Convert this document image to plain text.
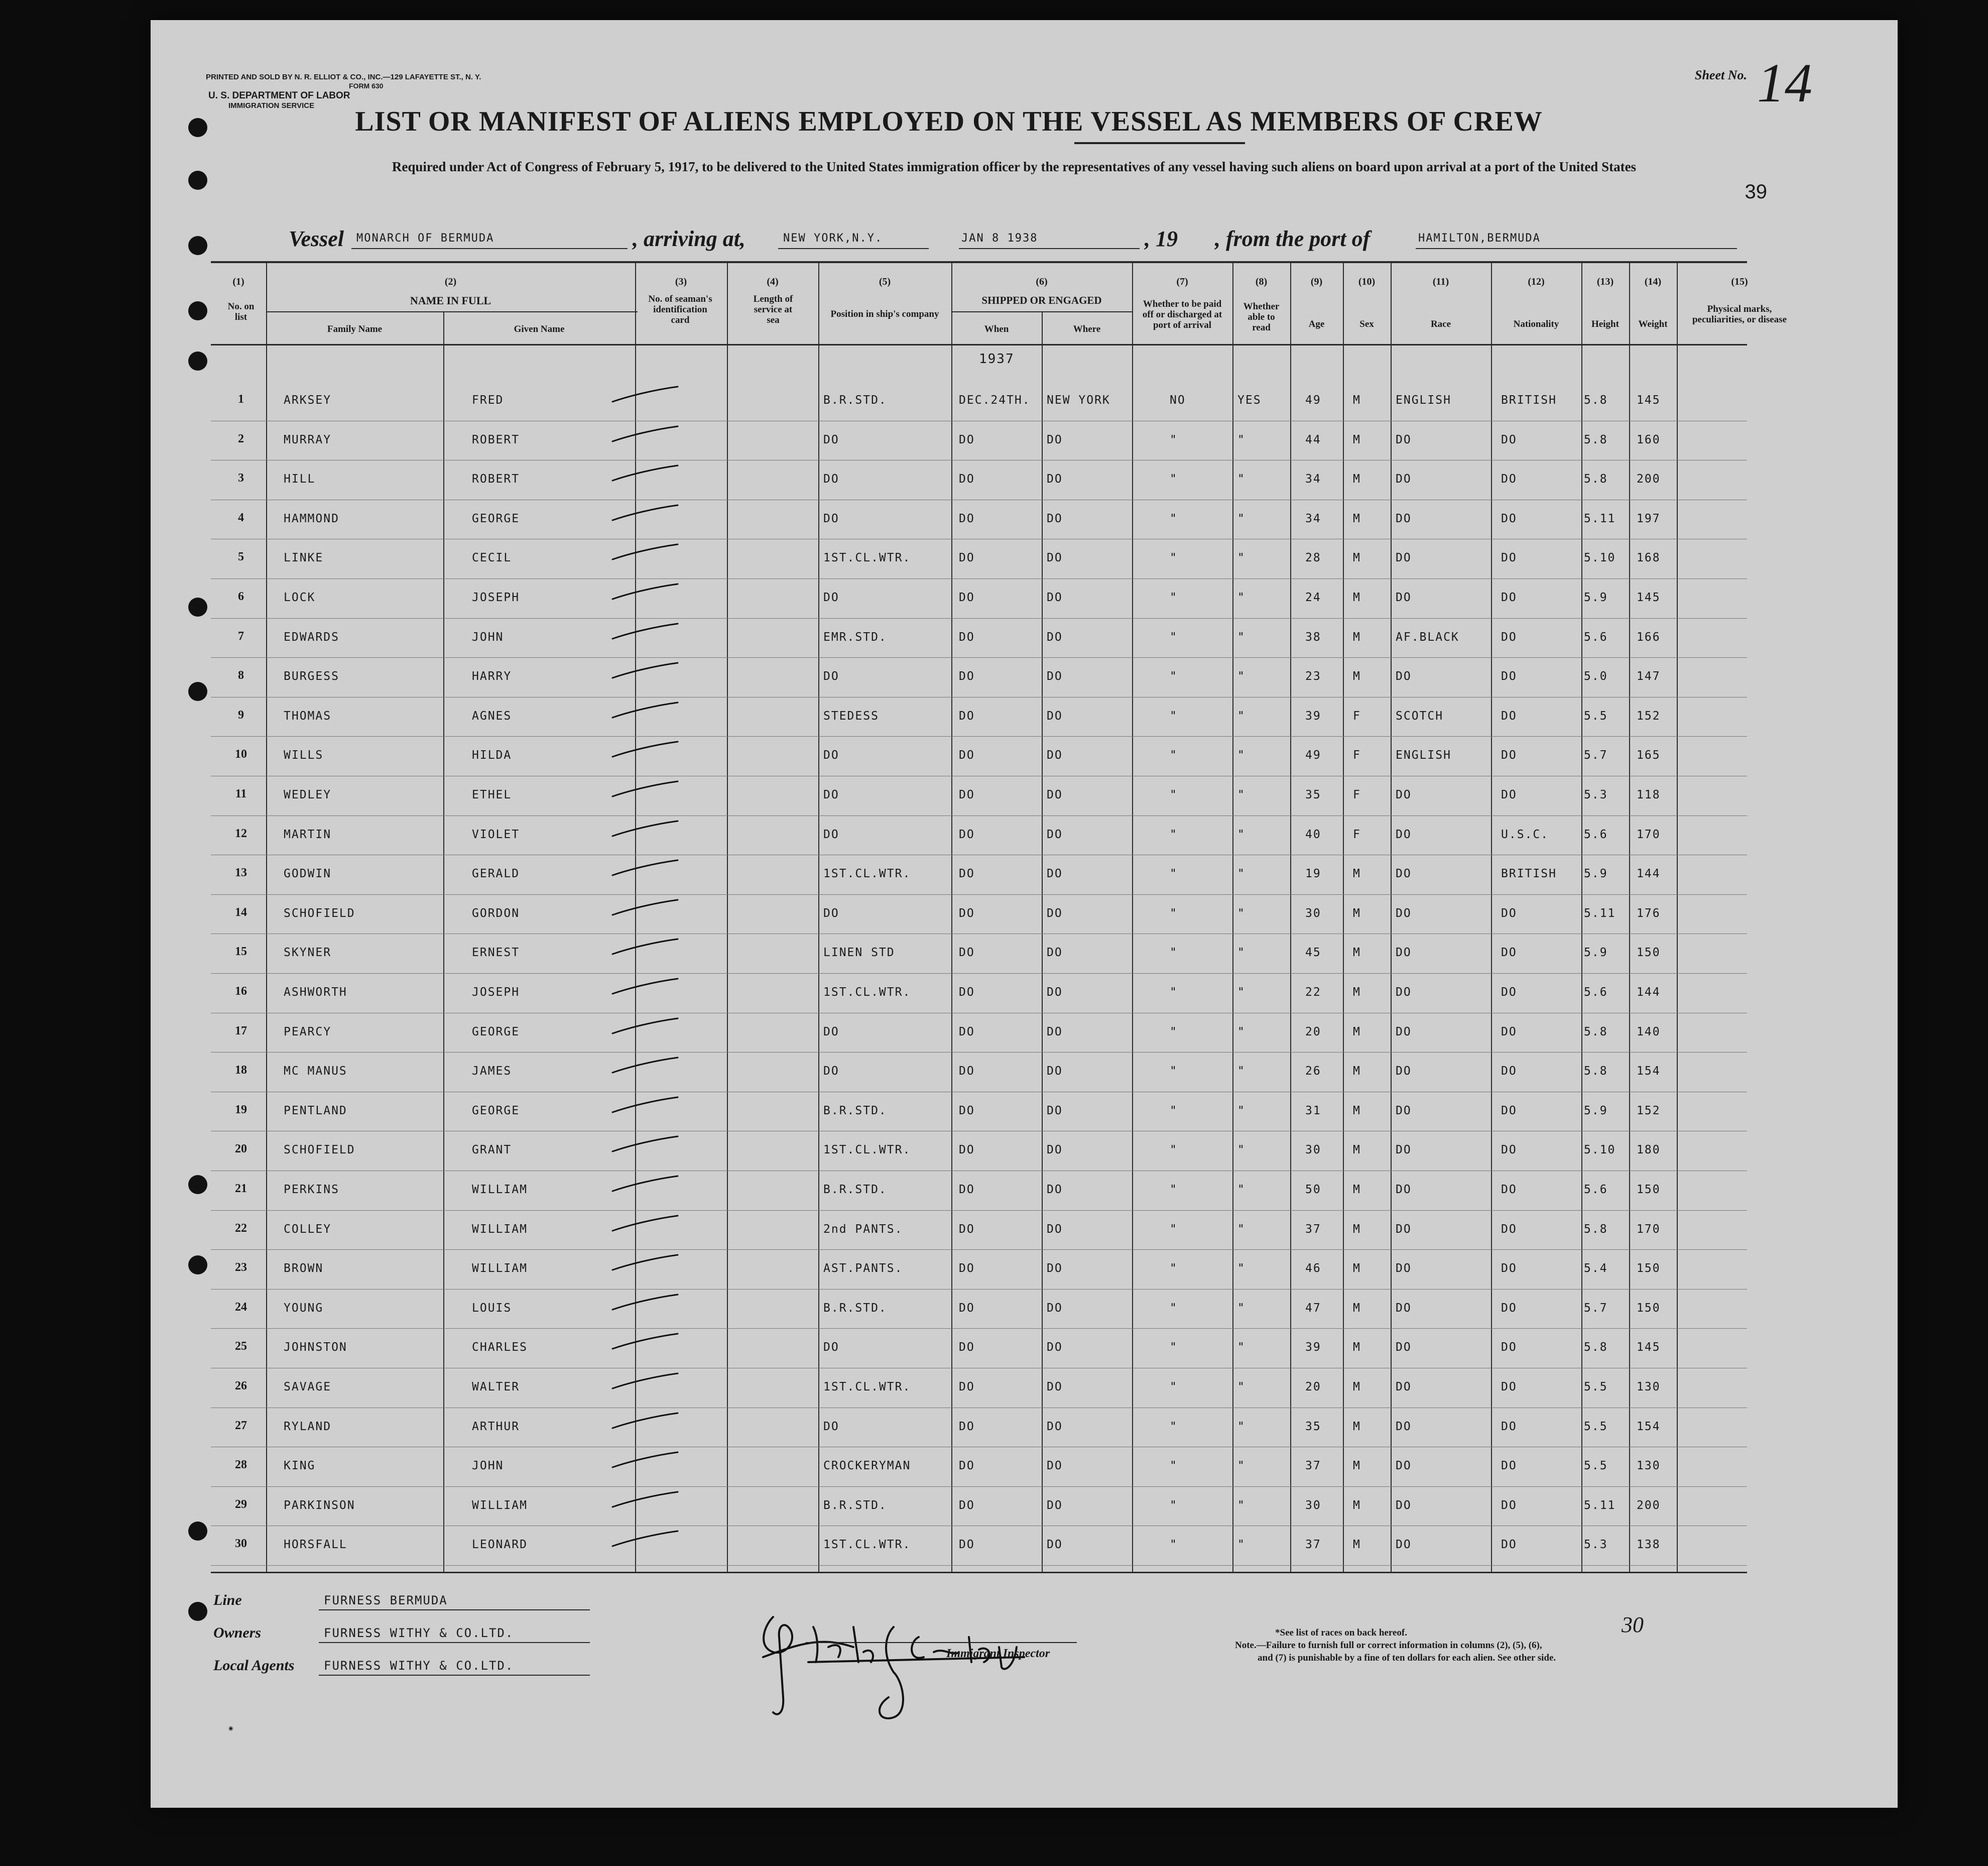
PRINTED AND SOLD BY N. R. ELLIOT & CO., INC.—129 LAFAYETTE ST., N. Y.
FORM 630
U. S. DEPARTMENT OF LABOR
IMMIGRATION SERVICE
Sheet No. 14
LIST OR MANIFEST OF ALIENS EMPLOYED ON THE VESSEL AS MEMBERS OF CREW
Required under Act of Congress of February 5, 1917, to be delivered to the United States immigration officer by the representatives of any vessel having such aliens on board upon arrival at a port of the United States
39
Vessel MONARCH OF BERMUDA	, arriving at,	NEW YORK,N.Y.	JAN 8 1938	, 19 , from the port of	HAMILTON,BERMUDA
(1)
No. on list
(2)
NAME IN FULL
Family Name	Given Name
(3)
No. of seaman's identification card
(4)
Length of service at sea
(5)
Position in ship's company
(6)
SHIPPED OR ENGAGED
When	Where
(7)
Whether to be paid off or discharged at port of arrival
(8)
Whether able to read
(9)
Age
(10)
Sex
(11)
Race
(12)
Nationality
(13)
Height
(14)
Weight
(15)
Physical marks, peculiarities, or disease
1937
1	ARKSEY	FRED	B.R.STD.	DEC.24TH. NEW YORK	NO	YES	49	M	ENGLISH	BRITISH 5.8 145
2	MURRAY	ROBERT	DO	DO	DO	"	"	44	M	DO	DO	5.8 160
3	HILL	ROBERT	DO	DO	DO	"	"	34	M	DO	DO	5.8 200
4	HAMMOND	GEORGE	DO	DO	DO	"	"	34	M	DO	DO	5.11 197
5	LINKE	CECIL	1ST.CL.WTR.	DO	DO	"	"	28	M	DO	DO	5.10 168
6	LOCK	JOSEPH	DO	DO	DO	"	"	24	M	DO	DO	5.9 145
7	EDWARDS	JOHN	EMR.STD.	DO	DO	"	"	38	M	AF.BLACK	DO	5.6 166
8	BURGESS	HARRY	DO	DO	DO	"	"	23	M	DO	DO	5.0 147
9	THOMAS	AGNES	STEDESS	DO	DO	"	"	39	F	SCOTCH	DO	5.5 152
10	WILLS	HILDA	DO	DO	DO	"	"	49	F	ENGLISH	DO	5.7 165
11	WEDLEY	ETHEL	DO	DO	DO	"	"	35	F	DO	DO	5.3 118
12	MARTIN	VIOLET	DO	DO	DO	"	"	40	F	DO	U.S.C.	5.6 170
13	GODWIN	GERALD	1ST.CL.WTR.	DO	DO	"	"	19	M	DO	BRITISH 5.9 144
14	SCHOFIELD	GORDON	DO	DO	DO	"	"	30	M	DO	DO	5.11 176
15	SKYNER	ERNEST	LINEN STD	DO	DO	"	"	45	M	DO	DO	5.9 150
16	ASHWORTH	JOSEPH	1ST.CL.WTR.	DO	DO	"	"	22	M	DO	DO	5.6 144
17	PEARCY	GEORGE	DO	DO	DO	"	"	20	M	DO	DO	5.8 140
18	MC MANUS	JAMES	DO	DO	DO	"	"	26	M	DO	DO	5.8 154
19	PENTLAND	GEORGE	B.R.STD.	DO	DO	"	"	31	M	DO	DO	5.9 152
20	SCHOFIELD	GRANT	1ST.CL.WTR.	DO	DO	"	"	30	M	DO	DO	5.10 180
21	PERKINS	WILLIAM	B.R.STD.	DO	DO	"	"	50	M	DO	DO	5.6 150
22	COLLEY	WILLIAM	2nd PANTS.	DO	DO	"	"	37	M	DO	DO	5.8 170
23	BROWN	WILLIAM	AST.PANTS.	DO	DO	"	"	46	M	DO	DO	5.4 150
24	YOUNG	LOUIS	B.R.STD.	DO	DO	"	"	47	M	DO	DO	5.7 150
25	JOHNSTON	CHARLES	DO	DO	DO	"	"	39	M	DO	DO	5.8 145
26	SAVAGE	WALTER	1ST.CL.WTR.	DO	DO	"	"	20	M	DO	DO	5.5 130
27	RYLAND	ARTHUR	DO	DO	DO	"	"	35	M	DO	DO	5.5 154
28	KING	JOHN	CROCKERYMAN	DO	DO	"	"	37	M	DO	DO	5.5 130
29	PARKINSON	WILLIAM	B.R.STD.	DO	DO	"	"	30	M	DO	DO	5.11 200
30	HORSFALL	LEONARD	1ST.CL.WTR.	DO	DO	"	"	37	M	DO	DO	5.3 138
Line	FURNESS BERMUDA
Owners	FURNESS WITHY & CO.LTD.
Local Agents FURNESS WITHY & CO.LTD.
Immigrant Inspector
*See list of races on back hereof.
Note.—Failure to furnish full or correct information in columns (2), (5), (6),
and (7) is punishable by a fine of ten dollars for each alien. See other side.
30
◉
